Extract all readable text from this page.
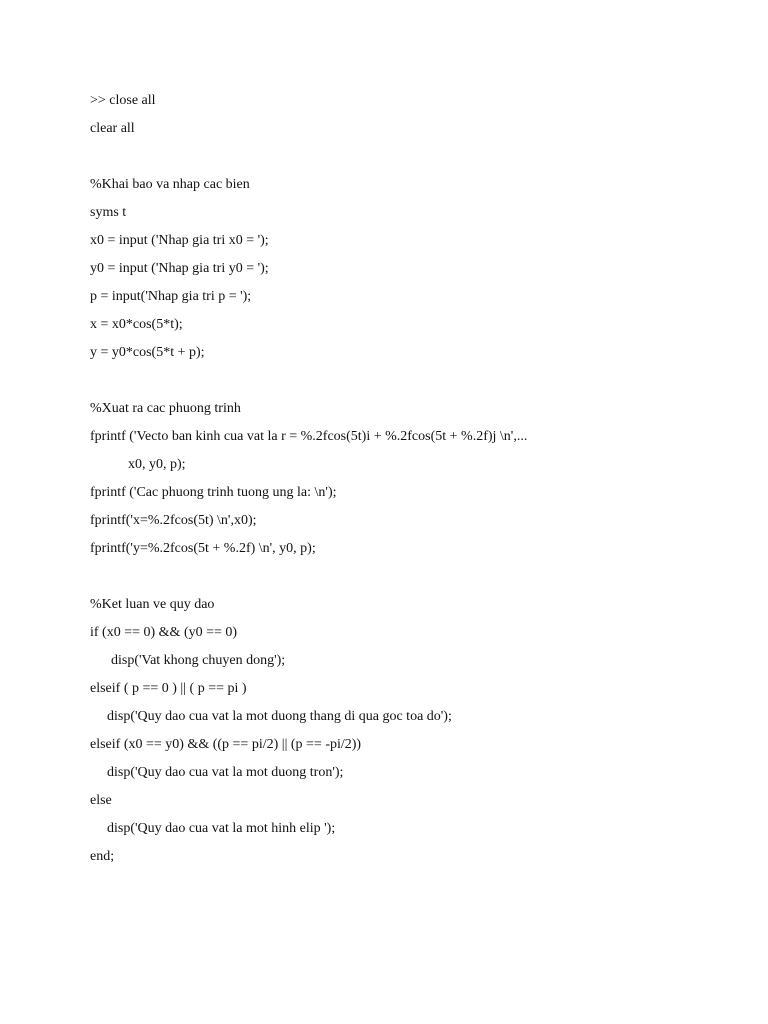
>> close all
clear all
%Khai bao va nhap cac bien
syms t
x0 = input ('Nhap gia tri x0 = ');
y0 = input ('Nhap gia tri y0 = ');
p = input('Nhap gia tri p = ');
x = x0*cos(5*t);
y = y0*cos(5*t + p);
%Xuat ra cac phuong trinh
fprintf ('Vecto ban kinh cua vat la r = %.2fcos(5t)i + %.2fcos(5t + %.2f)j \n',...
x0, y0, p);
fprintf ('Cac phuong trinh tuong ung la: \n');
fprintf('x=%.2fcos(5t) \n',x0);
fprintf('y=%.2fcos(5t + %.2f) \n', y0, p);
%Ket luan ve quy dao
if (x0 == 0) && (y0 == 0)
disp('Vat khong chuyen dong');
elseif ( p == 0 ) || ( p == pi )
disp('Quy dao cua vat la mot duong thang di qua goc toa do');
elseif (x0 == y0) && ((p == pi/2) || (p == -pi/2))
disp('Quy dao cua vat la mot duong tron');
else
disp('Quy dao cua vat la mot hinh elip ');
end;
